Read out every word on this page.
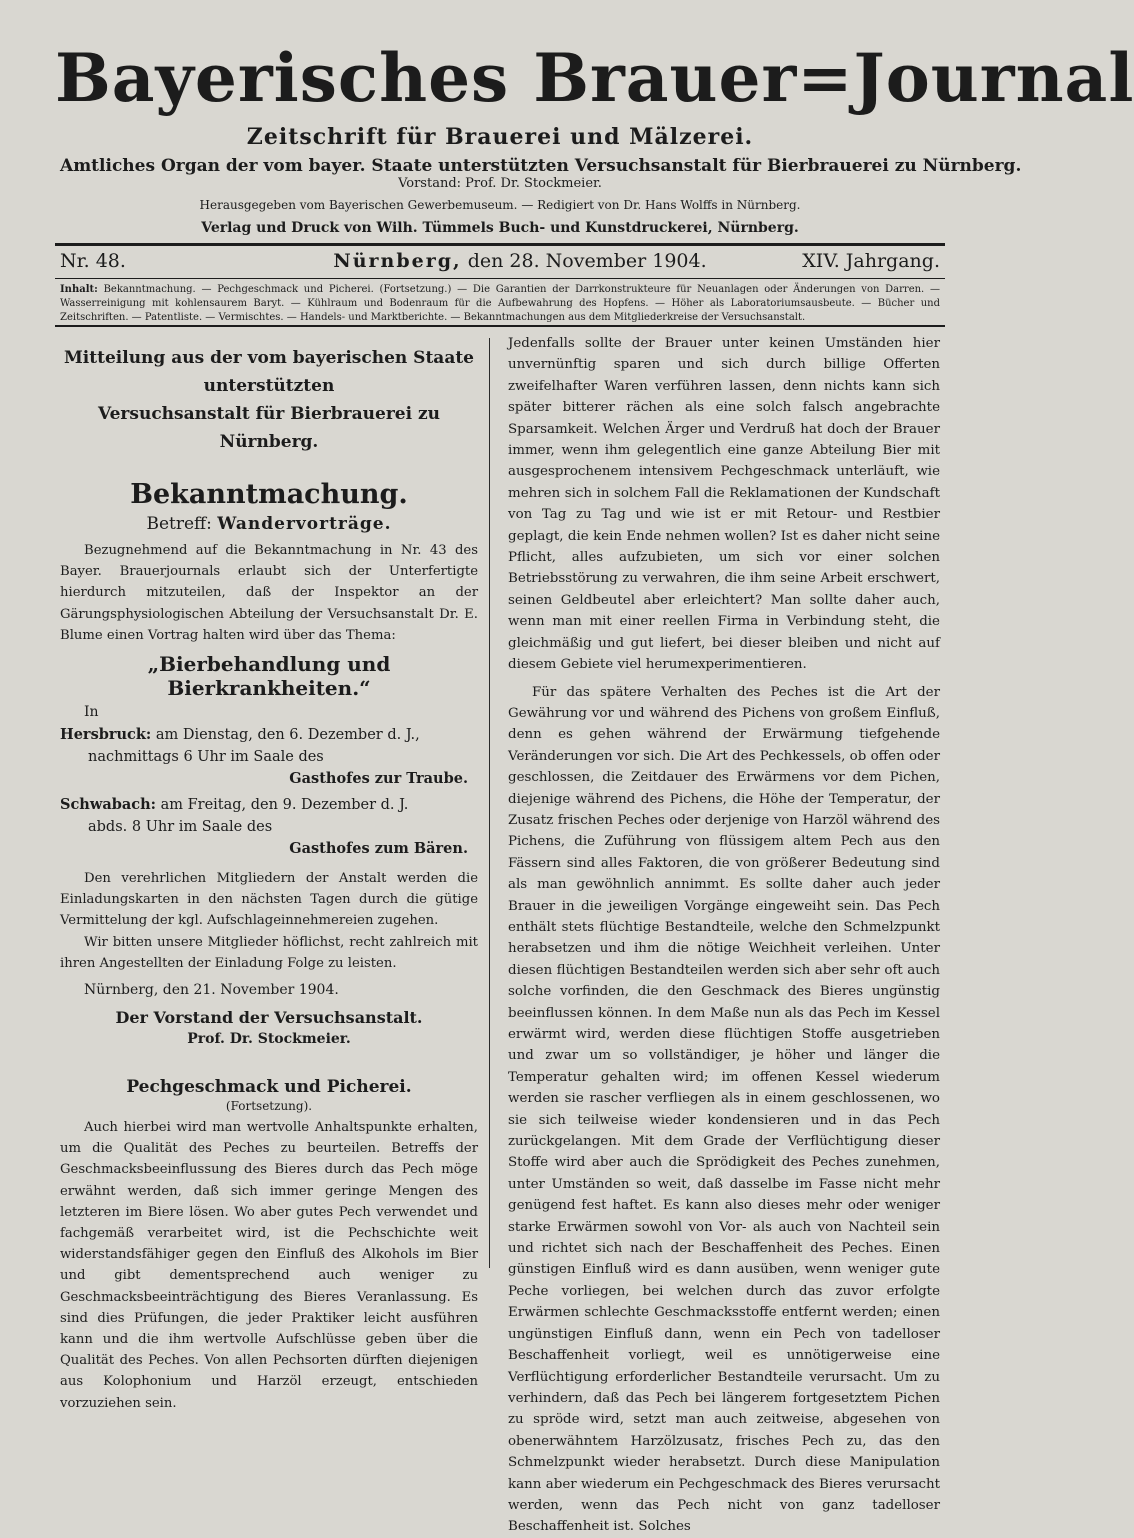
Bayerisches Brauer=Journal
Zeitschrift für Brauerei und Mälzerei.
Amtliches Organ der vom bayer. Staate unterstützten Versuchsanstalt für Bierbrauerei zu Nürnberg.
Vorstand: Prof. Dr. Stockmeier.
Herausgegeben vom Bayerischen Gewerbemuseum. — Redigiert von Dr. Hans Wolffs in Nürnberg.
Verlag und Druck von Wilh. Tümmels Buch- und Kunstdruckerei, Nürnberg.
Nr. 48.	Nürnberg, den 28. November 1904.	XIV. Jahrgang.
Inhalt: Bekanntmachung. — Pechgeschmack und Picherei. (Fortsetzung.) — Die Garantien der Darrkonstrukteure für Neuanlagen oder Änderungen von Darren. — Wasserreinigung mit kohlensaurem Baryt. — Kühlraum und Bodenraum für die Aufbewahrung des Hopfens. — Höher als Laboratoriumsausbeute. — Bücher und Zeitschriften. — Patentliste. — Vermischtes. — Handels- und Marktberichte. — Bekanntmachungen aus dem Mitgliederkreise der Versuchsanstalt.
Mitteilung aus der vom bayerischen Staate unterstützten
Versuchsanstalt für Bierbrauerei zu Nürnberg.
Bekanntmachung.
Betreff: Wandervorträge.

Bezugnehmend auf die Bekanntmachung in Nr. 43 des Bayer. Brauerjournals erlaubt sich der Unterfertigte hierdurch mitzuteilen, daß der Inspektor an der Gärungsphysiologischen Abteilung der Versuchsanstalt Dr. E. Blume einen Vortrag halten wird über das Thema:

„Bierbehandlung und Bierkrankheiten.“
In
Hersbruck: am Dienstag, den 6. Dezember d. J.,
nachmittags 6 Uhr im Saale des
Gasthofes zur Traube.
Schwabach: am Freitag, den 9. Dezember d. J.
abds. 8 Uhr im Saale des
Gasthofes zum Bären.

Den verehrlichen Mitgliedern der Anstalt werden die Einladungskarten in den nächsten Tagen durch die gütige Vermittelung der kgl. Aufschlageinnehmereien zugehen.

Wir bitten unsere Mitglieder höflichst, recht zahlreich mit ihren Angestellten der Einladung Folge zu leisten.

Nürnberg, den 21. November 1904.
Der Vorstand der Versuchsanstalt.
Prof. Dr. Stockmeier.
Pechgeschmack und Picherei.
(Fortsetzung).

Auch hierbei wird man wertvolle Anhaltspunkte erhalten, um die Qualität des Peches zu beurteilen. Betreffs der Geschmacksbeeinflussung des Bieres durch das Pech möge erwähnt werden, daß sich immer geringe Mengen des letzteren im Biere lösen. Wo aber gutes Pech verwendet und fachgemäß verarbeitet wird, ist die Pechschichte weit widerstandsfähiger gegen den Einfluß des Alkohols im Bier und gibt dementsprechend auch weniger zu Geschmacksbeeinträchtigung des Bieres Veranlassung. Es sind dies Prüfungen, die jeder Praktiker leicht ausführen kann und die ihm wertvolle Aufschlüsse geben über die Qualität des Peches. Von allen Pechsorten dürften diejenigen aus Kolophonium und Harzöl erzeugt, entschieden vorzuziehen sein.

Jedenfalls sollte der Brauer unter keinen Umständen hier unvernünftig sparen und sich durch billige Offerten zweifelhafter Waren verführen lassen, denn nichts kann sich später bitterer rächen als eine solch falsch angebrachte Sparsamkeit. Welchen Ärger und Verdruß hat doch der Brauer immer, wenn ihm gelegentlich eine ganze Abteilung Bier mit ausgesprochenem intensivem Pechgeschmack unterläuft, wie mehren sich in solchem Fall die Reklamationen der Kundschaft von Tag zu Tag und wie ist er mit Retour- und Restbier geplagt, die kein Ende nehmen wollen? Ist es daher nicht seine Pflicht, alles aufzubieten, um sich vor einer solchen Betriebsstörung zu verwahren, die ihm seine Arbeit erschwert, seinen Geldbeutel aber erleichtert? Man sollte daher auch, wenn man mit einer reellen Firma in Verbindung steht, die gleichmäßig und gut liefert, bei dieser bleiben und nicht auf diesem Gebiete viel herumexperimentieren.

Für das spätere Verhalten des Peches ist die Art der Gewährung vor und während des Pichens von großem Einfluß, denn es gehen während der Erwärmung tiefgehende Veränderungen vor sich. Die Art des Pechkessels, ob offen oder geschlossen, die Zeitdauer des Erwärmens vor dem Pichen, diejenige während des Pichens, die Höhe der Temperatur, der Zusatz frischen Peches oder derjenige von Harzöl während des Pichens, die Zuführung von flüssigem altem Pech aus den Fässern sind alles Faktoren, die von größerer Bedeutung sind als man gewöhnlich annimmt. Es sollte daher auch jeder Brauer in die jeweiligen Vorgänge eingeweiht sein. Das Pech enthält stets flüchtige Bestandteile, welche den Schmelzpunkt herabsetzen und ihm die nötige Weichheit verleihen. Unter diesen flüchtigen Bestandteilen werden sich aber sehr oft auch solche vorfinden, die den Geschmack des Bieres ungünstig beeinflussen können. In dem Maße nun als das Pech im Kessel erwärmt wird, werden diese flüchtigen Stoffe ausgetrieben und zwar um so vollständiger, je höher und länger die Temperatur gehalten wird; im offenen Kessel wiederum werden sie rascher verfliegen als in einem geschlossenen, wo sie sich teilweise wieder kondensieren und in das Pech zurückgelangen. Mit dem Grade der Verflüchtigung dieser Stoffe wird aber auch die Sprödigkeit des Peches zunehmen, unter Umständen so weit, daß dasselbe im Fasse nicht mehr genügend fest haftet. Es kann also dieses mehr oder weniger starke Erwärmen sowohl von Vor- als auch von Nachteil sein und richtet sich nach der Beschaffenheit des Peches. Einen günstigen Einfluß wird es dann ausüben, wenn weniger gute Peche vorliegen, bei welchen durch das zuvor erfolgte Erwärmen schlechte Geschmacksstoffe entfernt werden; einen ungünstigen Einfluß dann, wenn ein Pech von tadelloser Beschaffenheit vorliegt, weil es unnötigerweise eine Verflüchtigung erforderlicher Bestandteile verursacht. Um zu verhindern, daß das Pech bei längerem fortgesetztem Pichen zu spröde wird, setzt man auch zeitweise, abgesehen von obenerwähntem Harzölzusatz, frisches Pech zu, das den Schmelzpunkt wieder herabsetzt. Durch diese Manipulation kann aber wiederum ein Pechgeschmack des Bieres verursacht werden, wenn das Pech nicht von ganz tadelloser Beschaffenheit ist. Solches
